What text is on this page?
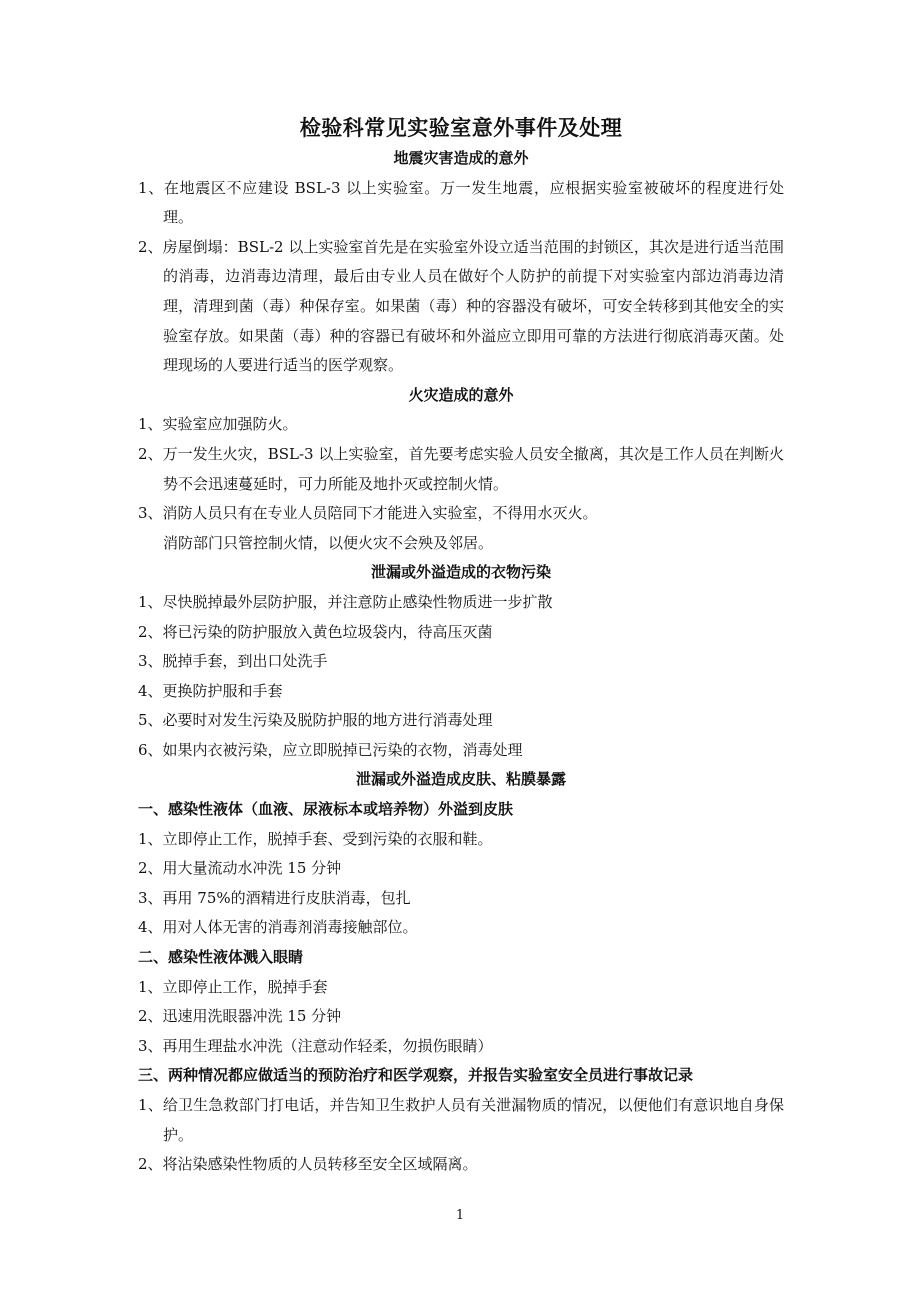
检验科常见实验室意外事件及处理
地震灾害造成的意外

1、在地震区不应建设 BSL-3 以上实验室。万一发生地震，应根据实验室被破坏的程度进行处理。

2、房屋倒塌：BSL-2 以上实验室首先是在实验室外设立适当范围的封锁区，其次是进行适当范围的消毒，边消毒边清理，最后由专业人员在做好个人防护的前提下对实验室内部边消毒边清理，清理到菌（毒）种保存室。如果菌（毒）种的容器没有破坏，可安全转移到其他安全的实验室存放。如果菌（毒）种的容器已有破坏和外溢应立即用可靠的方法进行彻底消毒灭菌。处理现场的人要进行适当的医学观察。

火灾造成的意外

1、实验室应加强防火。

2、万一发生火灾，BSL-3 以上实验室，首先要考虑实验人员安全撤离，其次是工作人员在判断火势不会迅速蔓延时，可力所能及地扑灭或控制火情。

3、消防人员只有在专业人员陪同下才能进入实验室，不得用水灭火。

消防部门只管控制火情，以便火灾不会殃及邻居。

泄漏或外溢造成的衣物污染

1、尽快脱掉最外层防护服，并注意防止感染性物质进一步扩散

2、将已污染的防护服放入黄色垃圾袋内，待高压灭菌

3、脱掉手套，到出口处洗手

4、更换防护服和手套

5、必要时对发生污染及脱防护服的地方进行消毒处理

6、如果内衣被污染，应立即脱掉已污染的衣物，消毒处理

泄漏或外溢造成皮肤、粘膜暴露
一、感染性液体（血液、尿液标本或培养物）外溢到皮肤

1、立即停止工作，脱掉手套、受到污染的衣服和鞋。

2、用大量流动水冲洗 15 分钟

3、再用 75%的酒精进行皮肤消毒，包扎

4、用对人体无害的消毒剂消毒接触部位。

二、感染性液体溅入眼睛

1、立即停止工作，脱掉手套

2、迅速用洗眼器冲洗 15 分钟

3、再用生理盐水冲洗（注意动作轻柔，勿损伤眼睛）

三、两种情况都应做适当的预防治疗和医学观察，并报告实验室安全员进行事故记录

1、给卫生急救部门打电话，并告知卫生救护人员有关泄漏物质的情况，以便他们有意识地自身保护。

2、将沾染感染性物质的人员转移至安全区域隔离。

1
